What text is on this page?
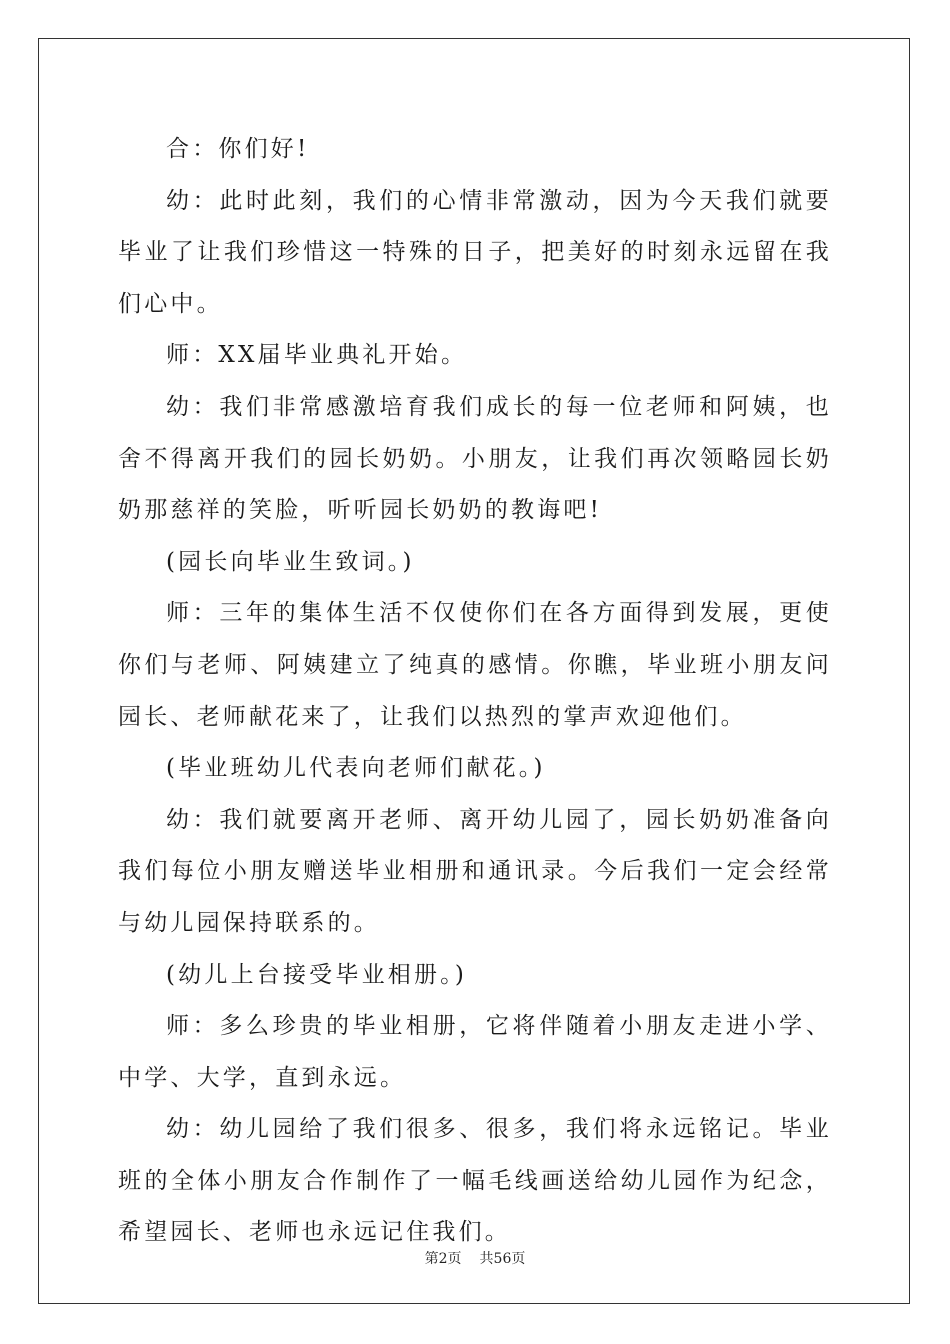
合：你们好!

幼：此时此刻，我们的心情非常激动，因为今天我们就要毕业了让我们珍惜这一特殊的日子，把美好的时刻永远留在我们心中。

师：XX届毕业典礼开始。

幼：我们非常感激培育我们成长的每一位老师和阿姨，也舍不得离开我们的园长奶奶。小朋友，让我们再次领略园长奶奶那慈祥的笑脸，听听园长奶奶的教诲吧!

(园长向毕业生致词。)

师：三年的集体生活不仅使你们在各方面得到发展，更使你们与老师、阿姨建立了纯真的感情。你瞧，毕业班小朋友问园长、老师献花来了，让我们以热烈的掌声欢迎他们。

(毕业班幼儿代表向老师们献花。)

幼：我们就要离开老师、离开幼儿园了，园长奶奶准备向我们每位小朋友赠送毕业相册和通讯录。今后我们一定会经常与幼儿园保持联系的。

(幼儿上台接受毕业相册。)

师：多么珍贵的毕业相册，它将伴随着小朋友走进小学、中学、大学，直到永远。

幼：幼儿园给了我们很多、很多，我们将永远铭记。毕业班的全体小朋友合作制作了一幅毛线画送给幼儿园作为纪念，希望园长、老师也永远记住我们。

第2页 共56页
